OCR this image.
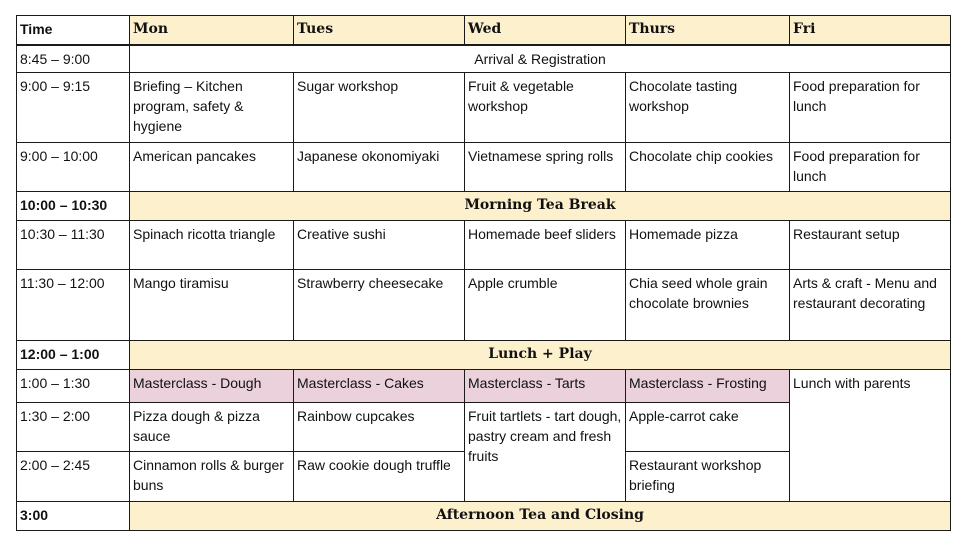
Time	Mon	Tues	Wed	Thurs	Fri
8:45 – 9:00	Arrival & Registration				
9:00 – 9:15	Briefing – Kitchen program, safety & hygiene	Sugar workshop	Fruit & vegetable workshop	Chocolate tasting workshop	Food preparation for lunch
9:00 – 10:00	American pancakes	Japanese okonomiyaki	Vietnamese spring rolls	Chocolate chip cookies	Food preparation for lunch
10:00 – 10:30	Morning Tea Break				
10:30 – 11:30	Spinach ricotta triangle	Creative sushi	Homemade beef sliders	Homemade pizza	Restaurant setup
11:30 – 12:00	Mango tiramisu	Strawberry cheesecake	Apple crumble	Chia seed whole grain chocolate brownies	Arts & craft - Menu and restaurant decorating
12:00 – 1:00	Lunch + Play				
1:00 – 1:30	Masterclass - Dough	Masterclass - Cakes	Masterclass - Tarts	Masterclass - Frosting	Lunch with parents
1:30 – 2:00	Pizza dough & pizza sauce	Rainbow cupcakes	Fruit tartlets - tart dough, pastry cream and fresh fruits	Apple-carrot cake	
2:00 – 2:45	Cinnamon rolls & burger buns	Raw cookie dough truffle		Restaurant workshop briefing	
3:00	Afternoon Tea and Closing				
